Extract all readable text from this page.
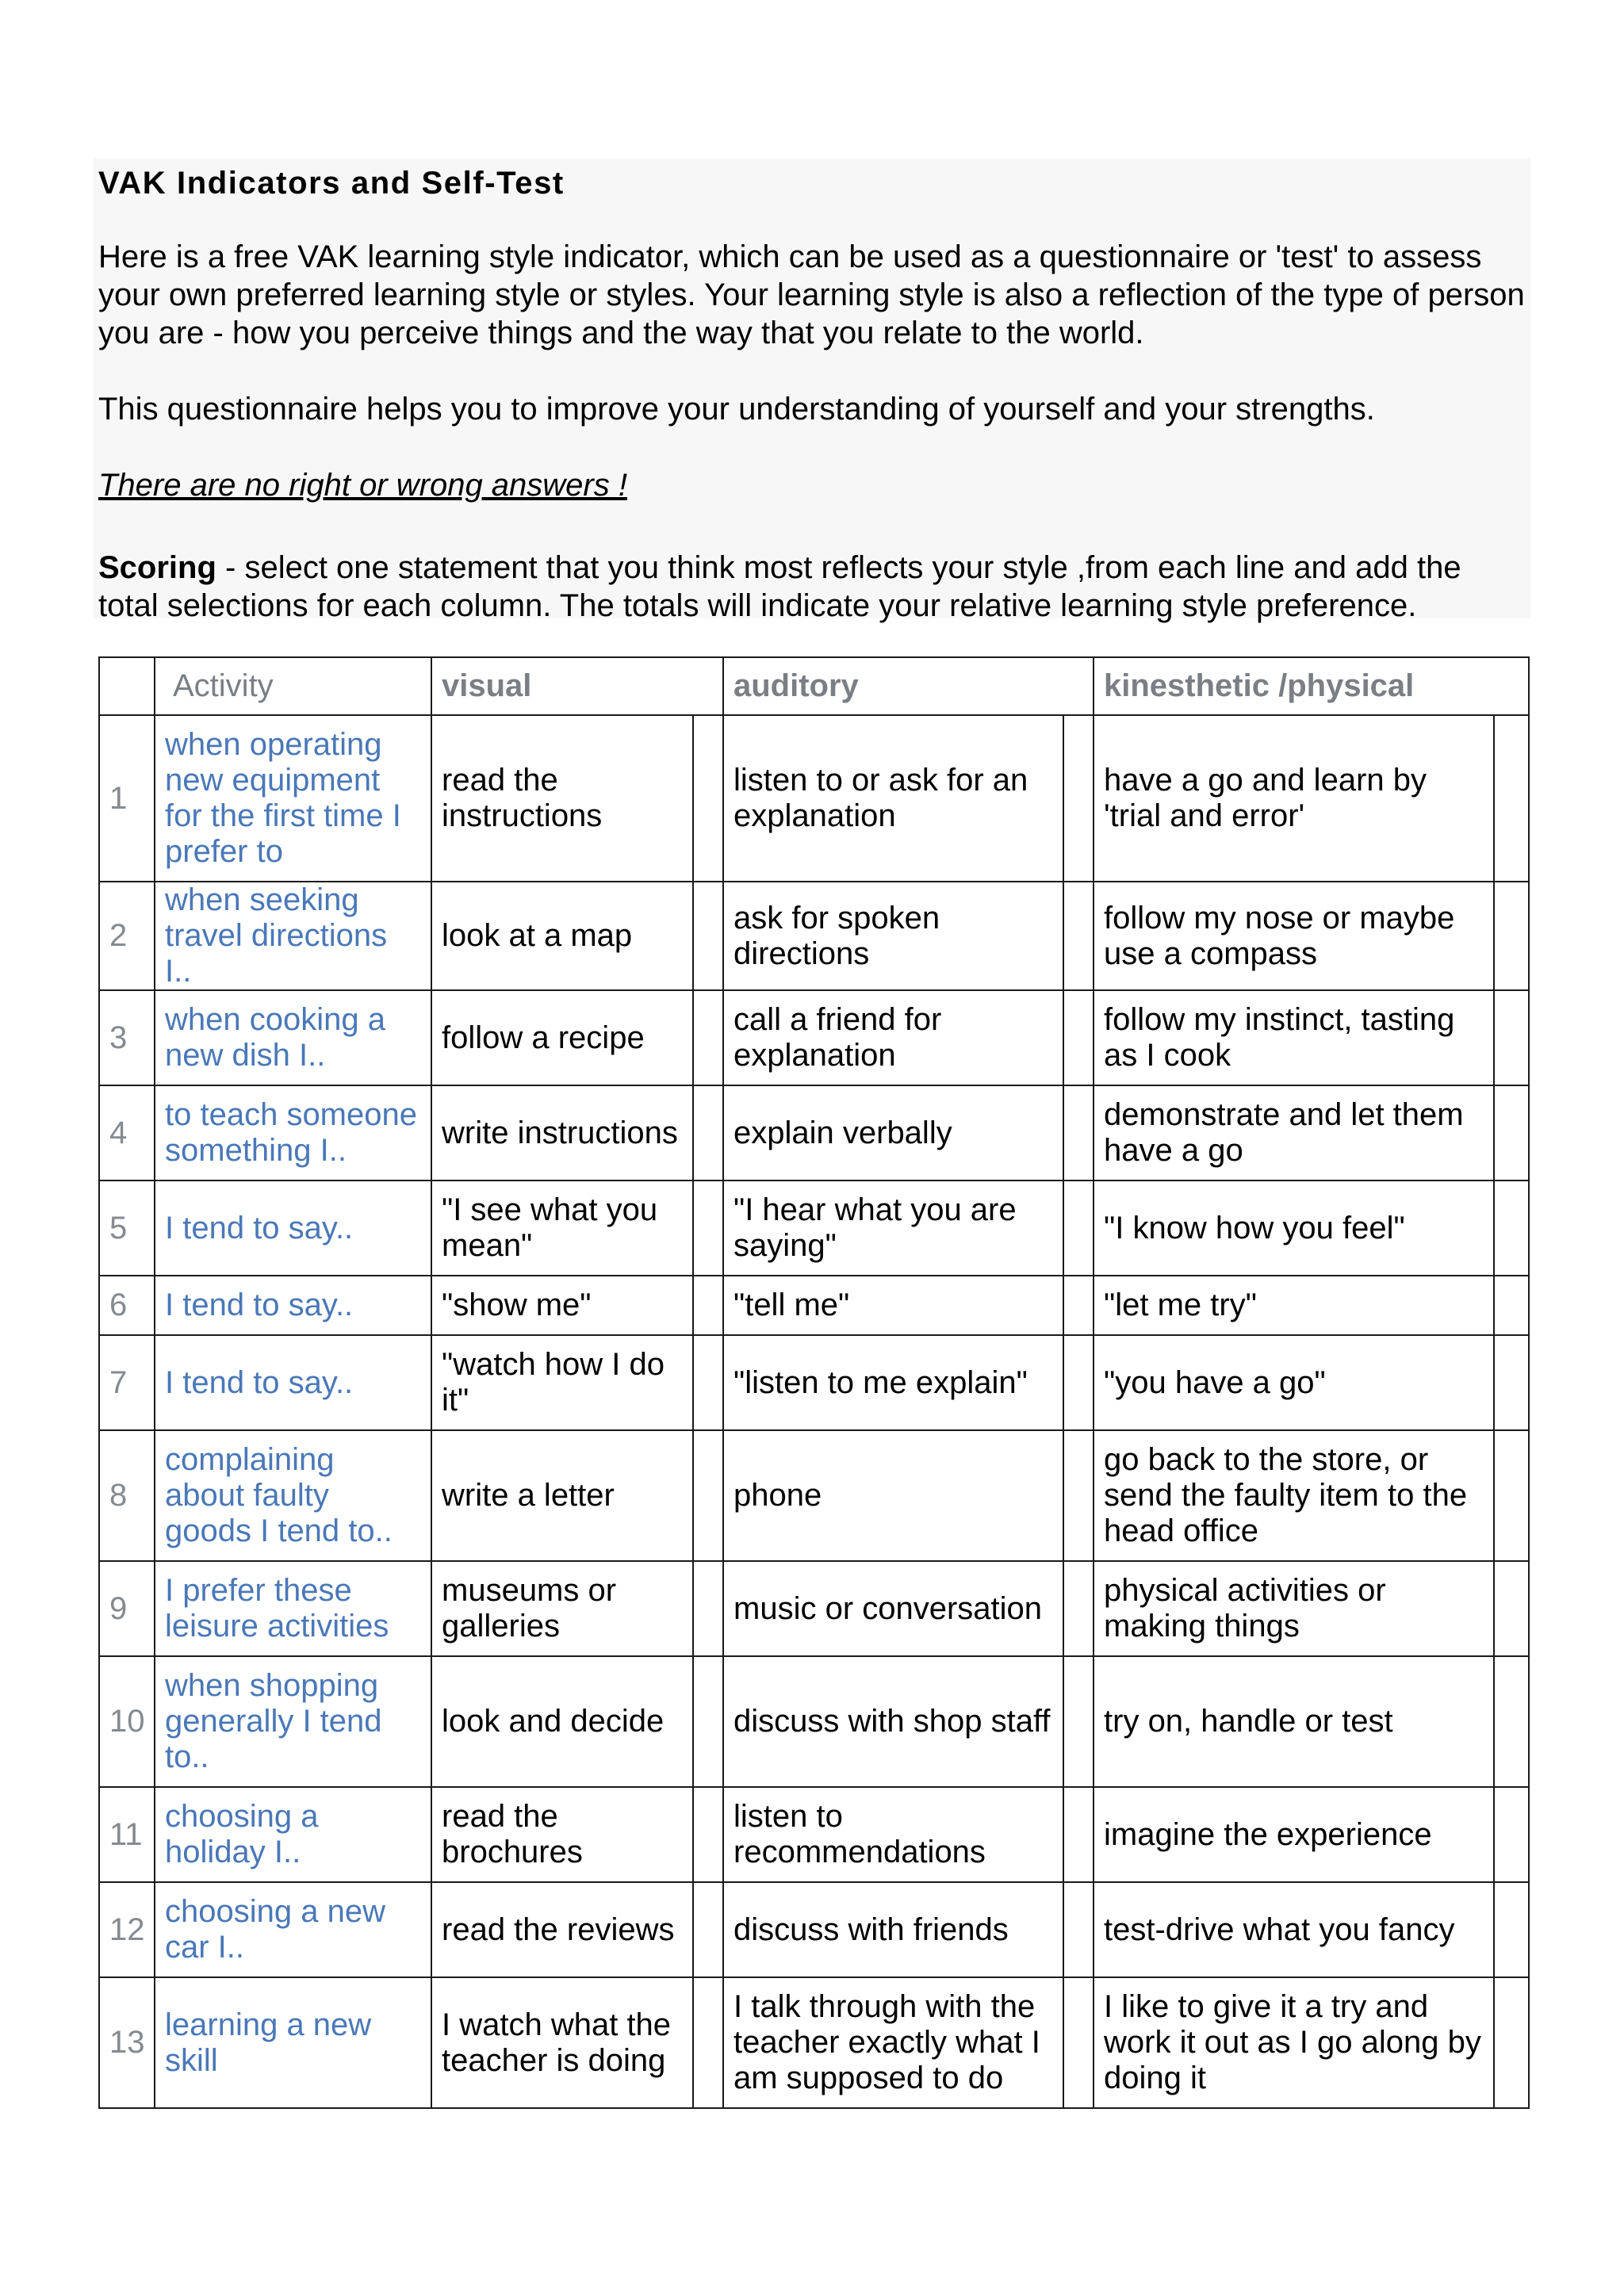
VAK Indicators and Self-Test
Here is a free VAK learning style indicator, which can be used as a questionnaire or 'test' to assess your own preferred learning style or styles. Your learning style is also a reflection of the type of person you are - how you perceive things and the way that you relate to the world.
This questionnaire helps you to improve your understanding of yourself and your strengths.
There are no right or wrong answers !
Scoring - select one statement that you think most reflects your style ,from each line and add the total selections for each column. The totals will indicate your relative learning style preference.
	Activity	visual		auditory		kinesthetic /physical	
1	when operating new equipment for the first time I prefer to	read the instructions		listen to or ask for an explanation		have a go and learn by 'trial and error'	
2	when seeking travel directions I..	look at a map		ask for spoken directions		follow my nose or maybe use a compass	
3	when cooking a new dish I..	follow a recipe		call a friend for explanation		follow my instinct, tasting as I cook	
4	to teach someone something I..	write instructions		explain verbally		demonstrate and let them have a go	
5	I tend to say..	"I see what you mean"		"I hear what you are saying"		"I know how you feel"	
6	I tend to say..	"show me"		"tell me"		"let me try"	
7	I tend to say..	"watch how I do it"		"listen to me explain"		"you have a go"	
8	complaining about faulty goods I tend to..	write a letter		phone		go back to the store, or send the faulty item to the head office	
9	I prefer these leisure activities	museums or galleries		music or conversation		physical activities or making things	
10	when shopping generally I tend to..	look and decide		discuss with shop staff		try on, handle or test	
11	choosing a holiday I..	read the brochures		listen to recommendations		imagine the experience	
12	choosing a new car I..	read the reviews		discuss with friends		test-drive what you fancy	
13	learning a new skill	I watch what the teacher is doing		I talk through with the teacher exactly what I am supposed to do		I like to give it a try and work it out as I go along by doing it	
